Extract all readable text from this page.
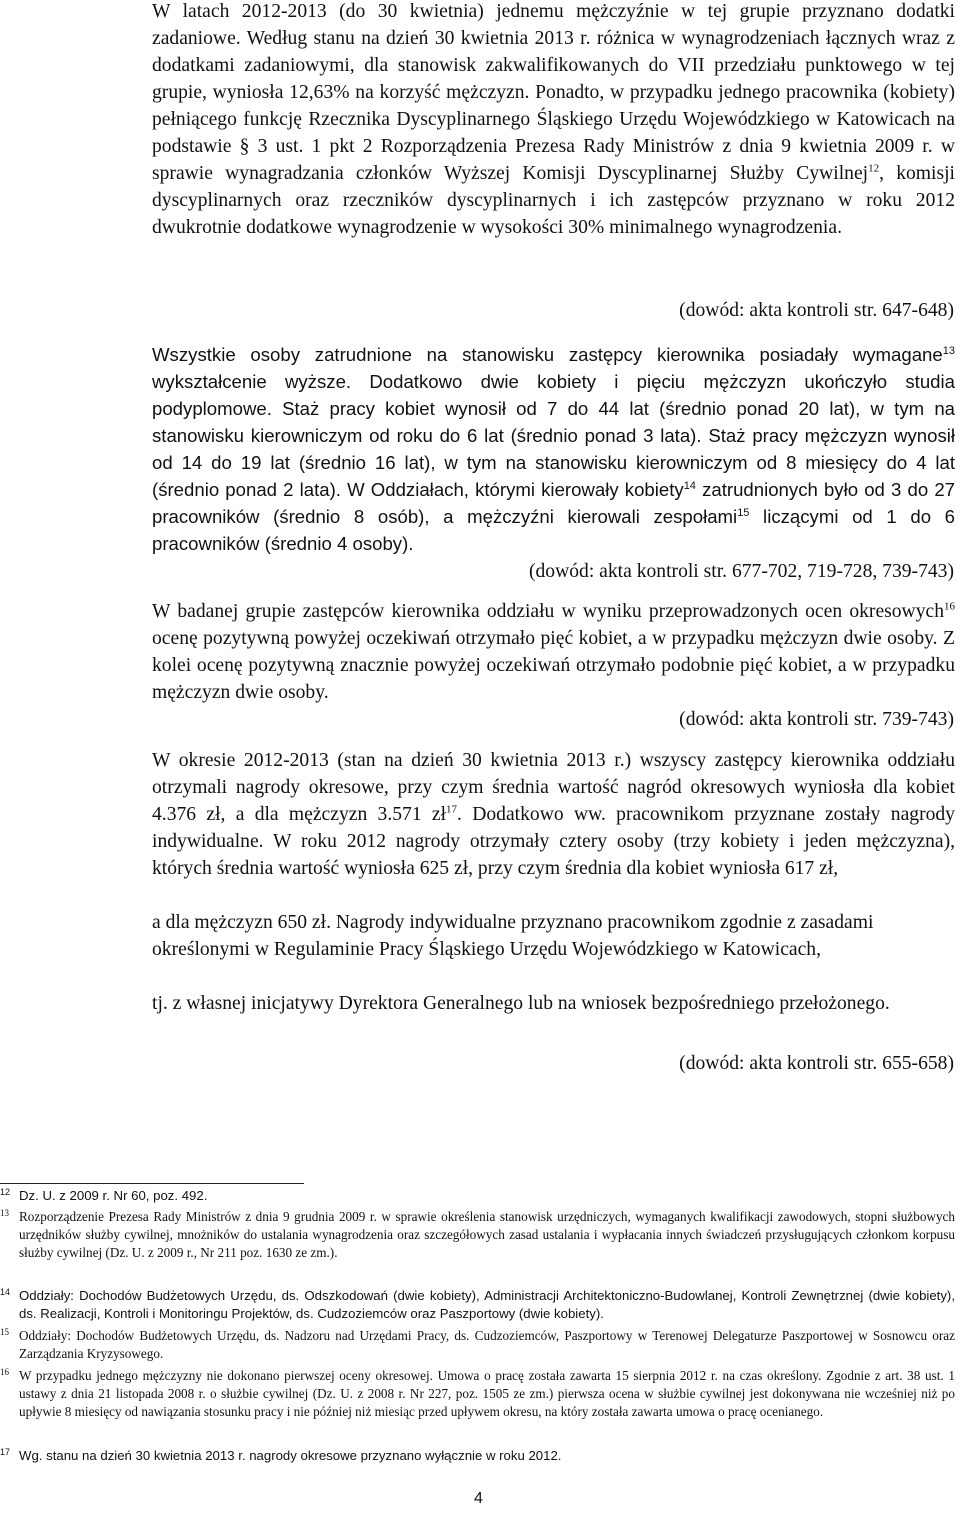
W latach 2012-2013 (do 30 kwietnia) jednemu mężczyźnie w tej grupie przyznano dodatki zadaniowe. Według stanu na dzień 30 kwietnia 2013 r. różnica w wynagrodzeniach łącznych wraz z dodatkami zadaniowymi, dla stanowisk zakwalifikowanych do VII przedziału punktowego w tej grupie, wyniosła 12,63% na korzyść mężczyzn. Ponadto, w przypadku jednego pracownika (kobiety) pełniącego funkcję Rzecznika Dyscyplinarnego Śląskiego Urzędu Wojewódzkiego w Katowicach na podstawie § 3 ust. 1 pkt 2 Rozporządzenia Prezesa Rady Ministrów z dnia 9 kwietnia 2009 r. w sprawie wynagradzania członków Wyższej Komisji Dyscyplinarnej Służby Cywilnej$^{12}$, komisji dyscyplinarnych oraz rzeczników dyscyplinarnych i ich zastępców przyznano w roku 2012 dwukrotnie dodatkowe wynagrodzenie w wysokości 30% minimalnego wynagrodzenia.

(dowód: akta kontroli str. 647-648)

Wszystkie osoby zatrudnione na stanowisku zastępcy kierownika posiadały wymagane$^{13}$ wykształcenie wyższe. Dodatkowo dwie kobiety i pięciu mężczyzn ukończyło studia podyplomowe. Staż pracy kobiet wynosił od 7 do 44 lat (średnio ponad 20 lat), w tym na stanowisku kierowniczym od roku do 6 lat (średnio ponad 3 lata). Staż pracy mężczyzn wynosił od 14 do 19 lat (średnio 16 lat), w tym na stanowisku kierowniczym od 8 miesięcy do 4 lat (średnio ponad 2 lata). W Oddziałach, którymi kierowały kobiety$^{14}$ zatrudnionych było od 3 do 27 pracowników (średnio 8 osób), a mężczyźni kierowali zespołami$^{15}$ liczącymi od 1 do 6 pracowników (średnio 4 osoby).

(dowód: akta kontroli str. 677-702, 719-728, 739-743)

W badanej grupie zastępców kierownika oddziału w wyniku przeprowadzonych ocen okresowych$^{16}$ ocenę pozytywną powyżej oczekiwań otrzymało pięć kobiet, a w przypadku mężczyzn dwie osoby. Z kolei ocenę pozytywną znacznie powyżej oczekiwań otrzymało podobnie pięć kobiet, a w przypadku mężczyzn dwie osoby.

(dowód: akta kontroli str. 739-743)

W okresie 2012-2013 (stan na dzień 30 kwietnia 2013 r.) wszyscy zastępcy kierownika oddziału otrzymali nagrody okresowe, przy czym średnia wartość nagród okresowych wyniosła dla kobiet 4.376 zł, a dla mężczyzn 3.571 $zł^{17}$. Dodatkowo ww. pracownikom przyznane zostały nagrody indywidualne. W roku 2012 nagrody otrzymały cztery osoby (trzy kobiety i jeden mężczyzna), których średnia wartość wyniosła 625 zł, przy czym średnia dla kobiet wyniosła 617 zł,

a dla mężczyzn 650 zł. Nagrody indywidualne przyznano pracownikom zgodnie z zasadami określonymi w Regulaminie Pracy Śląskiego Urzędu Wojewódzkiego w Katowicach,

tj. z własnej inicjatywy Dyrektora Generalnego lub na wniosek bezpośredniego przełożonego.

(dowód: akta kontroli str. 655-658)

12 Dz. U. z 2009 r. Nr 60, poz. 492.

13 Rozporządzenie Prezesa Rady Ministrów z dnia 9 grudnia 2009 r. w sprawie określenia stanowisk urzędniczych, wymaganych kwalifikacji zawodowych, stopni służbowych urzędników służby cywilnej, mnożników do ustalania wynagrodzenia oraz szczegółowych zasad ustalania i wypłacania innych świadczeń przysługujących członkom korpusu służby cywilnej (Dz. U. z 2009 r., Nr 211 poz. 1630 ze zm.).

14 Oddziały: Dochodów Budżetowych Urzędu, ds. Odszkodowań (dwie kobiety), Administracji Architektoniczno-Budowlanej, Kontroli Zewnętrznej (dwie kobiety), ds. Realizacji, Kontroli i Monitoringu Projektów, ds. Cudzoziemców oraz Paszportowy (dwie kobiety).

15 Oddziały: Dochodów Budżetowych Urzędu, ds. Nadzoru nad Urzędami Pracy, ds. Cudzoziemców, Paszportowy w Terenowej Delegaturze Paszportowej w Sosnowcu oraz Zarządzania Kryzysowego.

16 W przypadku jednego mężczyzny nie dokonano pierwszej oceny okresowej. Umowa o pracę została zawarta 15 sierpnia 2012 r. na czas określony. Zgodnie z art. 38 ust. 1 ustawy z dnia 21 listopada 2008 r. o służbie cywilnej (Dz. U. z 2008 r. Nr 227, poz. 1505 ze zm.) pierwsza ocena w służbie cywilnej jest dokonywana nie wcześniej niż po upływie 8 miesięcy od nawiązania stosunku pracy i nie później niż miesiąc przed upływem okresu, na który została zawarta umowa o pracę ocenianego.

17 Wg. stanu na dzień 30 kwietnia 2013 r. nagrody okresowe przyznano wyłącznie w roku 2012.

4
